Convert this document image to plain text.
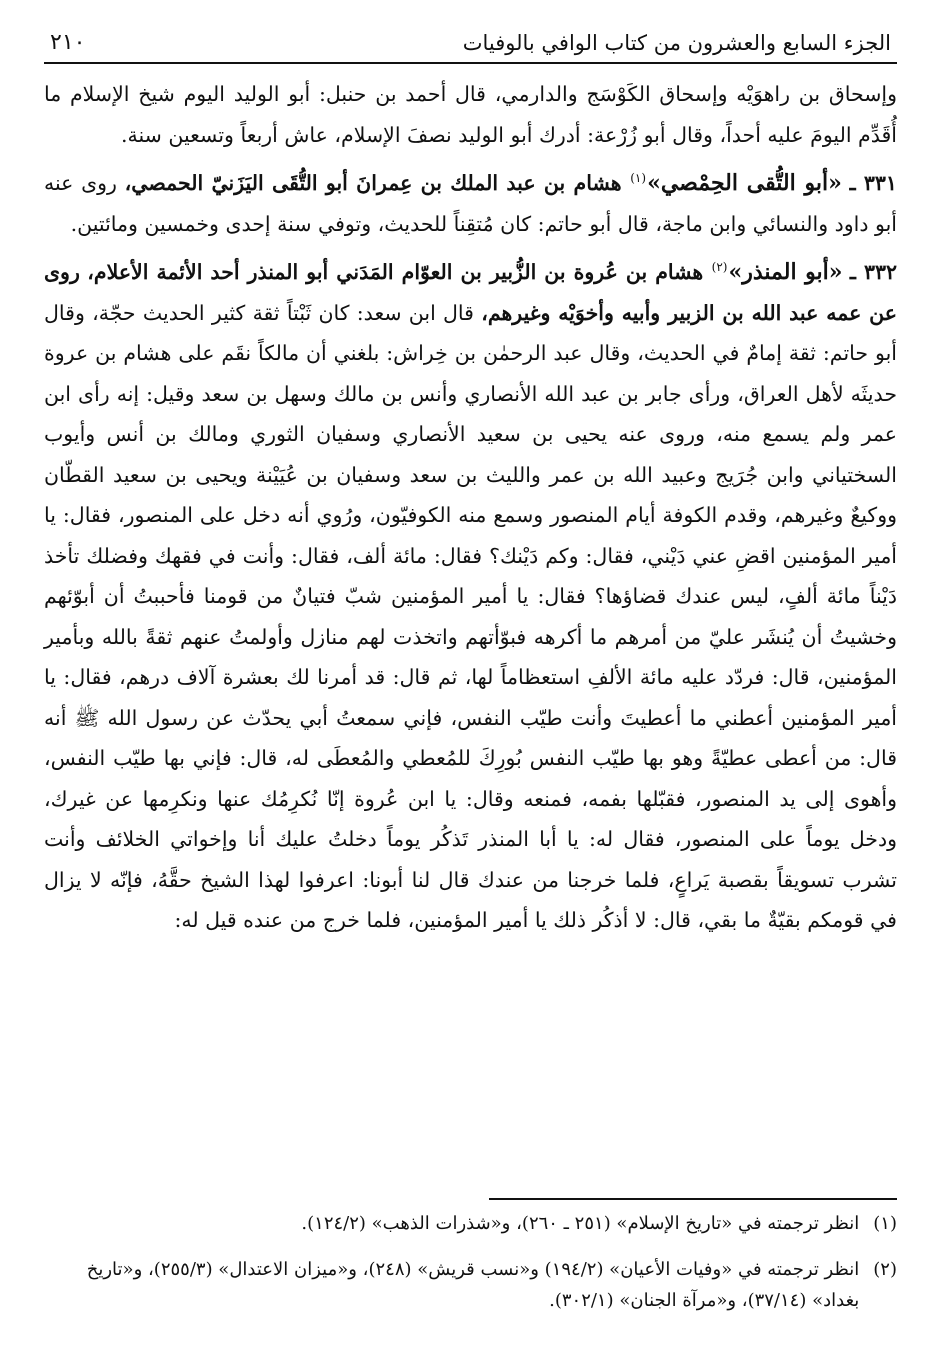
الجزء السابع والعشرون من كتاب الوافي بالوفيات
٢١٠

وإسحاق بن راهوَيْه وإسحاق الكَوْسَج والدارمي، قال أحمد بن حنبل: أبو الوليد اليوم شيخ الإسلام ما أُقَدِّم اليومَ عليه أحداً، وقال أبو زُرْعة: أدرك أبو الوليد نصفَ الإسلام، عاش أربعاً وتسعين سنة.

٣٣١ ـ «أبو التُّقى الحِمْصي»$^{(١)}$ هشام بن عبد الملك بن عِمرانَ أبو التُّقَى اليَزَنيّ الحمصي، روى عنه أبو داود والنسائي وابن ماجة، قال أبو حاتم: كان مُتقِناً للحديث، وتوفي سنة إحدى وخمسين ومائتين.

٣٣٢ ـ «أبو المنذر»$^{(٢)}$ هشام بن عُروة بن الزُّبير بن العوّام المَدَني أبو المنذر أحد الأئمة الأعلام، روى عن عمه عبد الله بن الزبير وأبيه وأخوَيْه وغيرهم، قال ابن سعد: كان ثَبْتاً ثقة كثير الحديث حجّة، وقال أبو حاتم: ثقة إمامٌ في الحديث، وقال عبد الرحمٰن بن خِراش: بلغني أن مالكاً نقَم على هشام بن عروة حديثَه لأهل العراق، ورأى جابر بن عبد الله الأنصاري وأنس بن مالك وسهل بن سعد وقيل: إنه رأى ابن عمر ولم يسمع منه، وروى عنه يحيى بن سعيد الأنصاري وسفيان الثوري ومالك بن أنس وأيوب السختياني وابن جُرَيج وعبيد الله بن عمر والليث بن سعد وسفيان بن عُيَيْنة ويحيى بن سعيد القطّان ووكيعٌ وغيرهم، وقدم الكوفة أيام المنصور وسمع منه الكوفيّون، ورُوي أنه دخل على المنصور، فقال: يا أمير المؤمنين اقضِ عني دَيْني، فقال: وكم دَيْنك؟ فقال: مائة ألف، فقال: وأنت في فقهك وفضلك تأخذ دَيْناً مائة ألفٍ، ليس عندك قضاؤها؟ فقال: يا أمير المؤمنين شبّ فتيانٌ من قومنا فأحببتُ أن أبوّئهم وخشيتُ أن يُنشَر عليّ من أمرهم ما أكرهه فبوّأتهم واتخذت لهم منازل وأولمتُ عنهم ثقةً بالله وبأمير المؤمنين، قال: فردّد عليه مائة الألفِ استعظاماً لها، ثم قال: قد أمرنا لك بعشرة آلاف درهم، فقال: يا أمير المؤمنين أعطني ما أعطيتَ وأنت طيّب النفس، فإني سمعتُ أبي يحدّث عن رسول الله ﷺ أنه قال: من أعطى عطيّةً وهو بها طيّب النفس بُورِكَ للمُعطي والمُعطَى له، قال: فإني بها طيّب النفس، وأهوى إلى يد المنصور، فقبّلها بفمه، فمنعه وقال: يا ابن عُروة إنّا نُكرِمُك عنها ونكرِمها عن غيرك، ودخل يوماً على المنصور، فقال له: يا أبا المنذر تَذكُر يوماً دخلتُ عليك أنا وإخواتي الخلائف وأنت تشرب تسويقاً بقصبة يَراعٍ، فلما خرجنا من عندك قال لنا أبونا: اعرفوا لهذا الشيخ حقَّهُ، فإنّه لا يزال في قومكم بقيّةٌ ما بقي، قال: لا أذكُر ذلك يا أمير المؤمنين، فلما خرج من عنده قيل له:

(١)
انظر ترجمته في «تاريخ الإسلام» (٢٥١ ـ ٢٦٠)، و«شذرات الذهب» (١٢٤/٢).
(٢)
انظر ترجمته في «وفيات الأعيان» (١٩٤/٢) و«نسب قريش» (٢٤٨)، و«ميزان الاعتدال» (٢٥٥/٣)، و«تاريخ بغداد» (٣٧/١٤)، و«مرآة الجنان» (٣٠٢/١).
